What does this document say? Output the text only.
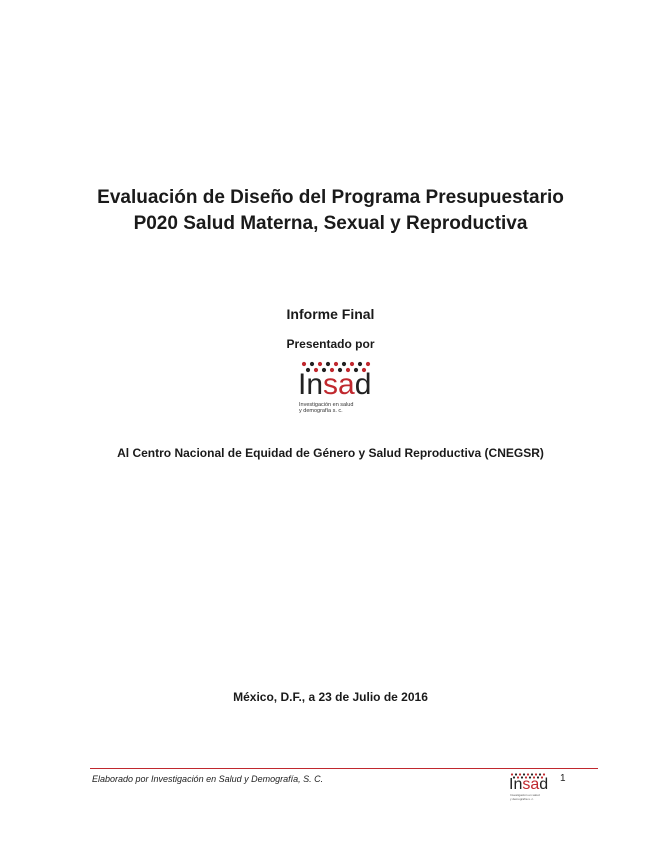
Evaluación de Diseño del Programa Presupuestario
P020 Salud Materna, Sexual y Reproductiva
Informe Final
Presentado por
Insad
Investigación en salud
y demografía s. c.
Al Centro Nacional de Equidad de Género y Salud Reproductiva (CNEGSR)
México, D.F., a 23 de Julio de 2016
Elaborado por Investigación en Salud y Demografía, S. C.	Insad
Investigación en salud
y demografía s. c.
1
